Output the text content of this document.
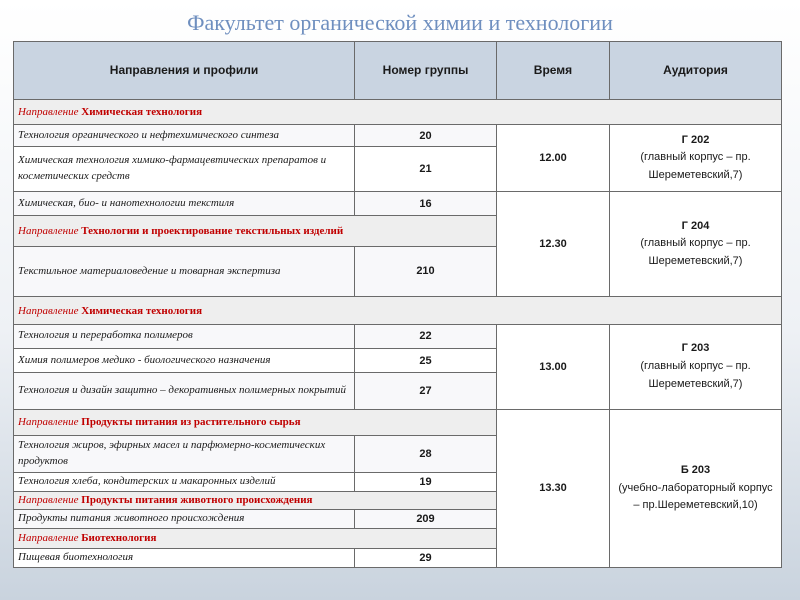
Факультет органической химии и технологии
Направления и профили	Номер группы	Время	Аудитория
Направление Химическая технология			
Технология органического и нефтехимического синтеза	20	12.00	Г 202
(главный корпус – пр. Шереметевский,7)
Химическая технология химико-фармацевтических препаратов и косметических средств	21		
Химическая, био- и нанотехнологии текстиля	16	12.30	Г 204
(главный корпус – пр. Шереметевский,7)
Направление Технологии и проектирование текстильных изделий			
Текстильное материаловедение и товарная экспертиза	210		
Направление Химическая технология			
Технология и переработка полимеров	22	13.00	Г 203
(главный корпус – пр. Шереметевский,7)
Химия полимеров медико - биологического назначения	25		
Технология и дизайн защитно – декоративных полимерных покрытий	27		
Направление Продукты питания из растительного сырья		13.30	Б 203
(учебно-лабораторный корпус – пр.Шереметевский,10)
Технология жиров, эфирных масел и парфюмерно-косметических продуктов	28		
Технология хлеба, кондитерских и макаронных изделий	19		
Направление Продукты питания животного происхождения			
Продукты питания животного происхождения	209		
Направление Биотехнология			
Пищевая биотехнология	29		
